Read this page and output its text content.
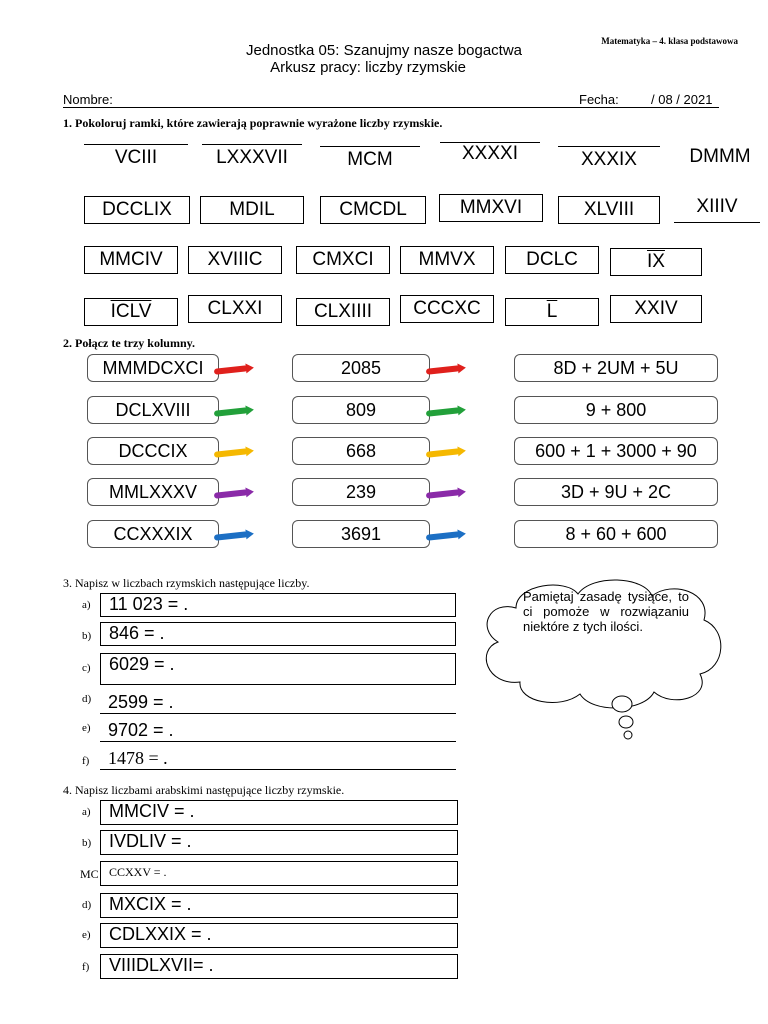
Matematyka – 4. klasa podstawowa
Jednostka 05: Szanujmy nasze bogactwa
Arkusz pracy: liczby rzymskie
Nombre:	Fecha: / 08 / 2021
1. Pokoloruj ramki, które zawierają poprawnie wyrażone liczby rzymskie.
VCIII	LXXXVII	MCM	XXXXI	XXXIX	DMMM
DCCLIX	MDIL	CMCDL	MMXVI	XLVIII	XIIIV
MMCIV	XVIIIC	CMXCI	MMVX	DCLC	$\overline{IX}$
ICLV	CLXXI	CLXIIII	CCCXC	$\overline{L}$	XXIV
2. Połącz te trzy kolumny.
MMMDCXCI	2085	8D + 2UM + 5U
DCLXVIII	809	9 + 800
DCCCIX	668	600 + 1 + 3000 + 90
MMLXXXV	239	3D + 9U + 2C
CCXXXIX	3691	8 + 60 + 600
3. Napisz w liczbach rzymskich następujące liczby.
a)	11 023 = .
b) 846 = .
c)	6029 = .
d) 2599 = .
e) 9702 = .
f)	1478 = .
Pamiętaj zasadę tysiące, to ci pomoże w rozwiązaniu niektóre z tych ilości.
4. Napisz liczbami arabskimi następujące liczby rzymskie.
a)	MMCIV = .
b) IVDLIV = .
MC CCXXV = .
d) MXCIX = .
e)	CDLXXIX = .
f)	VIIIDLXVII= .
